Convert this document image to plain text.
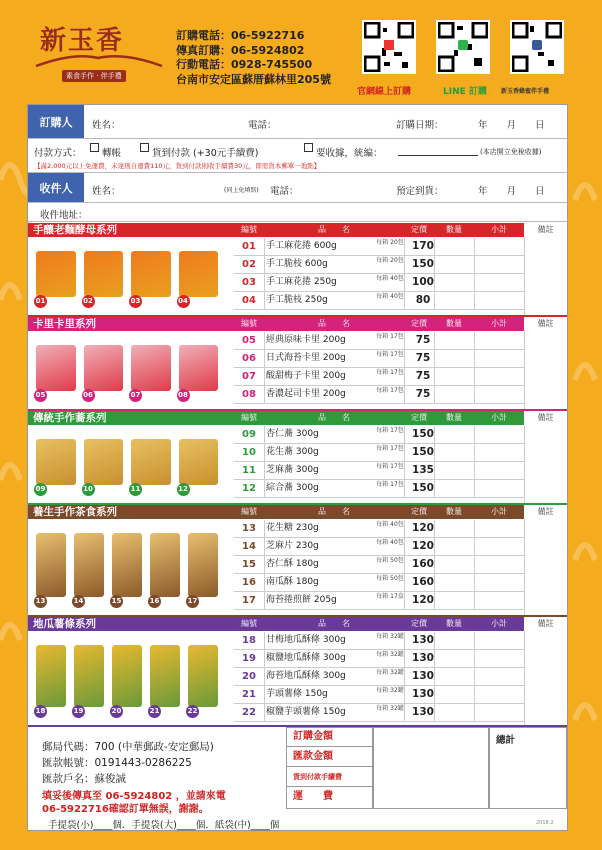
新玉香
素食手作 · 伴手禮
訂購電話：06-5922716
傳真訂購：06-5924802
行動電話：0928-745500
台南市安定區蘇厝蘇林里205號
官網線上訂購	LINE 訂購 新玉香蜂蜜伴手禮
訂購人	姓名：	電話：	訂購日期：	年　　月　　日
付款方式： 轉帳	貨到付款 (+30元手續費)	要收據，統編：	(本店開立免稅收據)
【滿2,000元以上免運費，未達則自運費110元，貨到付款則收手續費30元，即需貨本郵單一地點】
收件人	姓名：	(同上免填寫) 電話：	預定到貨：	年　　月　　日
收件地址：
手釀老麵酵母系列	編號	品　　名	定價	數量	小計	備註
01	02	03	04
01	手工麻花捲 600g	每箱 20包 170
02	手工脆枝 600g	每箱 20包 150
03	手工麻花捲 250g	每箱 40包 100
04	手工脆枝 250g	每箱 40包	80
卡里卡里系列	編號	品　　名	定價	數量	小計	備註
05	06	07	08
05	經典原味卡里 200g	每箱 17包	75
06	日式海苔卡里 200g	每箱 17包	75
07	酸甜梅子卡里 200g	每箱 17包	75
08	香濃起司卡里 200g	每箱 17包	75
傳統手作蕎系列	編號	品　　名	定價	數量	小計	備註
09	10	11	12
09	杏仁蕎 300g	每箱 17包 150
10	花生蕎 300g	每箱 17包 150
11	芝麻蕎 300g	每箱 17包 135
12	綜合蕎 300g	每箱 17包 150
養生手作茶食系列	編號	品　　名	定價	數量	小計	備註
13	14	15	16	17
13	花生糖 230g	每箱 40包 120
14	芝麻片 230g	每箱 40包 120
15	杏仁酥 180g	每箱 50包 160
16	南瓜酥 180g	每箱 50包 160
17	海苔捲煎餅 205g	每箱 17盒 120
地瓜薯條系列	編號	品　　名	定價	數量	小計	備註
18	19	20	21	22
18	甘梅地瓜酥條 300g	每箱 32罐 130
19	椒鹽地瓜酥條 300g	每箱 32罐 130
20	海苔地瓜酥條 300g	每箱 32罐 130
21	芋頭薯條 150g	每箱 32罐 130
22	椒鹽芋頭薯條 150g	每箱 32罐 130
郵局代碼：700 (中華郵政-安定郵局)
匯款帳號：0191443-0286225
匯款戶名：蘇俊誠
填妥後傳真至 06-5924802 ，並請來電
06-5922716確認訂單無誤，謝謝。
手提袋(小)____個．手提袋(大)____個．紙袋(中)____個
訂購金額
匯款金額
貨到付款手續費
運　　費
總計
2018.2
